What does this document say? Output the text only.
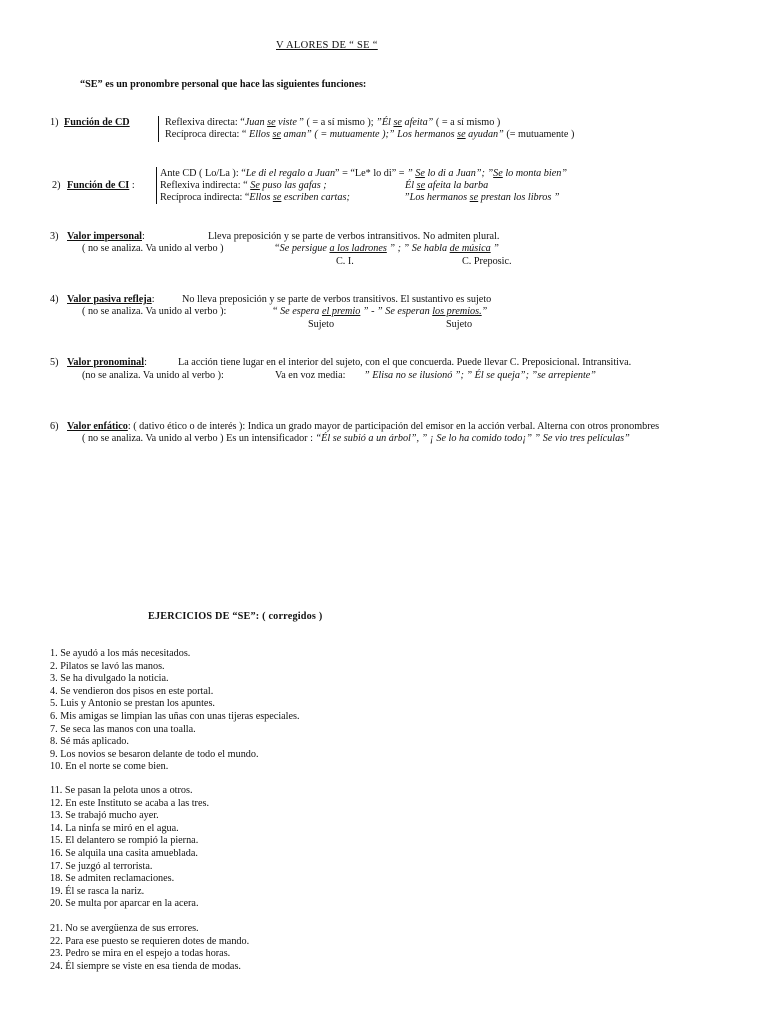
V ALORES DE “ SE “
“SE” es un pronombre personal que hace las siguientes funciones:
1) Función de CD	Reflexiva directa: “Juan se viste ” ( = a sí mismo ); ”Él se afeita” ( = a sí mismo )
Recíproca directa: “ Ellos se aman” ( = mutuamente );” Los hermanos se ayudan” (= mutuamente )
2) Función de CI :
Ante CD ( Lo/La ): “Le di el regalo a Juan” = “Le* lo di” = ” Se lo di a Juan”; ”Se lo monta bien”
Reflexiva indirecta: “ Se puso las gafas ;	Él se afeita la barba
Recíproca indirecta: “Ellos se escriben cartas;	”Los hermanos se prestan los libros ”
3) Valor impersonal:	Lleva preposición y se parte de verbos intransitivos. No admiten plural.
( no se analiza. Va unido al verbo )	“Se persigue a los ladrones ” ; ” Se habla de música ”
C. I.	C. Preposic.
4) Valor pasiva refleja:	No lleva preposición y se parte de verbos transitivos. El sustantivo es sujeto
( no se analiza. Va unido al verbo ):	“ Se espera el premio ” - ” Se esperan los premios.”
Sujeto	Sujeto
5) Valor pronominal:	La acción tiene lugar en el interior del sujeto, con el que concuerda. Puede llevar C. Preposicional. Intransitiva.
(no se analiza. Va unido al verbo ):	Va en voz media: ” Elisa no se ilusionó ”; ” Él se queja”; ”se arrepiente”
6) Valor enfático: ( dativo ético o de interés ): Indica un grado mayor de participación del emisor en la acción verbal. Alterna con otros pronombres
( no se analiza. Va unido al verbo ) Es un intensificador : “Él se subió a un árbol”, ” ¡ Se lo ha comido todo¡” ” Se vio tres películas”
EJERCICIOS DE “SE”: ( corregidos )
1. Se ayudó a los más necesitados.
2. Pilatos se lavó las manos.
3. Se ha divulgado la noticia.
4. Se vendieron dos pisos en este portal.
5. Luis y Antonio se prestan los apuntes.
6. Mis amigas se limpian las uñas con unas tijeras especiales.
7. Se seca las manos con una toalla.
8. Sé más aplicado.
9. Los novios se besaron delante de todo el mundo.
10. En el norte se come bien.
11. Se pasan la pelota unos a otros.
12. En este Instituto se acaba a las tres.
13. Se trabajó mucho ayer.
14. La ninfa se miró en el agua.
15. El delantero se rompió la pierna.
16. Se alquila una casita amueblada.
17. Se juzgó al terrorista.
18. Se admiten reclamaciones.
19. Él se rasca la nariz.
20. Se multa por aparcar en la acera.
21. No se avergüenza de sus errores.
22. Para ese puesto se requieren dotes de mando.
23. Pedro se mira en el espejo a todas horas.
24. Él siempre se viste en esa tienda de modas.
